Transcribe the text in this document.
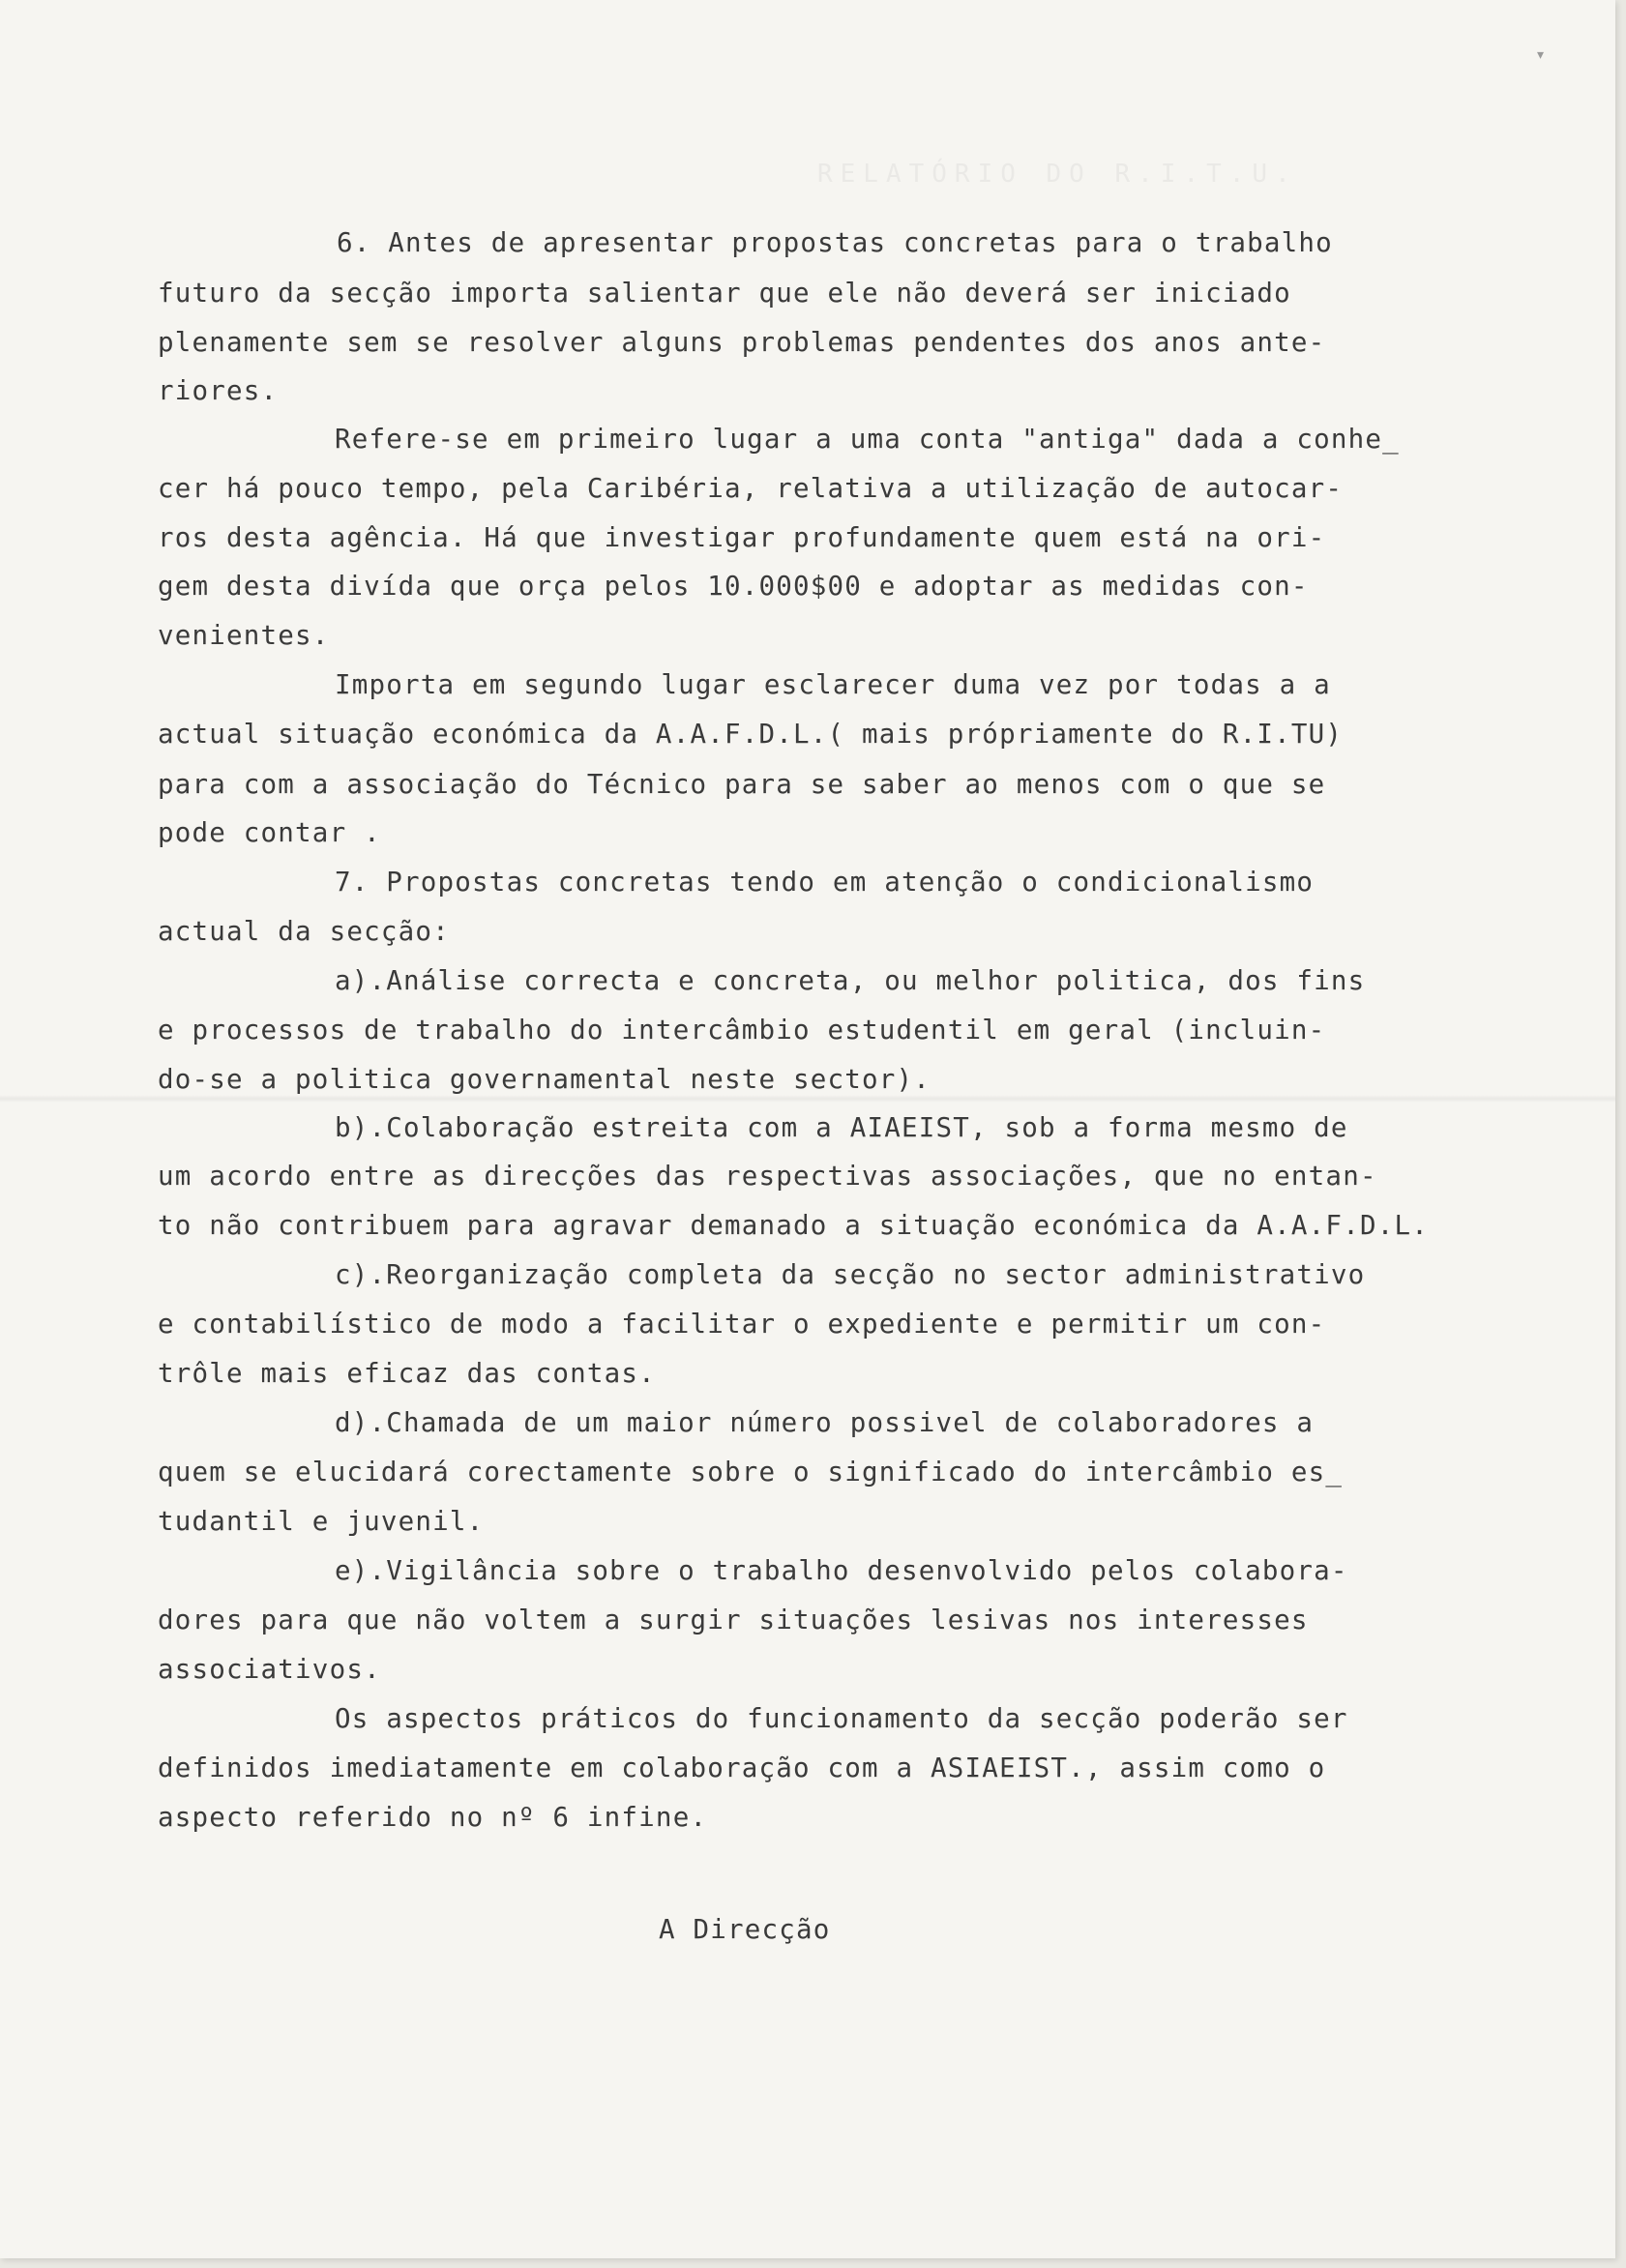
RELATÓRIO DO R.I.T.U.
▾

6. Antes de apresentar propostas concretas para o trabalho

futuro da secção importa salientar que ele não deverá ser iniciado

plenamente sem se resolver alguns problemas pendentes dos anos ante-

riores.

Refere-se em primeiro lugar a uma conta "antiga" dada a conhe_

cer há pouco tempo, pela Caribéria, relativa a utilização de autocar-

ros desta agência. Há que investigar profundamente quem está na ori-

gem desta divída que orça pelos 10.000$00 e adoptar as medidas con-

venientes.

Importa em segundo lugar esclarecer duma vez por todas a a

actual situação económica da A.A.F.D.L.( mais própriamente do R.I.TU)

para com a associação do Técnico para se saber ao menos com o que se

pode contar .

7. Propostas concretas tendo em atenção o condicionalismo

actual da secção:

a).Análise correcta e concreta, ou melhor politica, dos fins

e processos de trabalho do intercâmbio estudentil em geral (incluin-

do-se a politica governamental neste sector).

b).Colaboração estreita com a AIAEIST, sob a forma mesmo de

um acordo entre as direcções das respectivas associações, que no entan-

to não contribuem para agravar demanado a situação económica da A.A.F.D.L.

c).Reorganização completa da secção no sector administrativo

e contabilístico de modo a facilitar o expediente e permitir um con-

trôle mais eficaz das contas.

d).Chamada de um maior número possivel de colaboradores a

quem se elucidará corectamente sobre o significado do intercâmbio es_

tudantil e juvenil.

e).Vigilância sobre o trabalho desenvolvido pelos colabora-

dores para que não voltem a surgir situações lesivas nos interesses

associativos.

Os aspectos práticos do funcionamento da secção poderão ser

definidos imediatamente em colaboração com a ASIAEIST., assim como o

aspecto referido no nº 6 infine.

A Direcção
